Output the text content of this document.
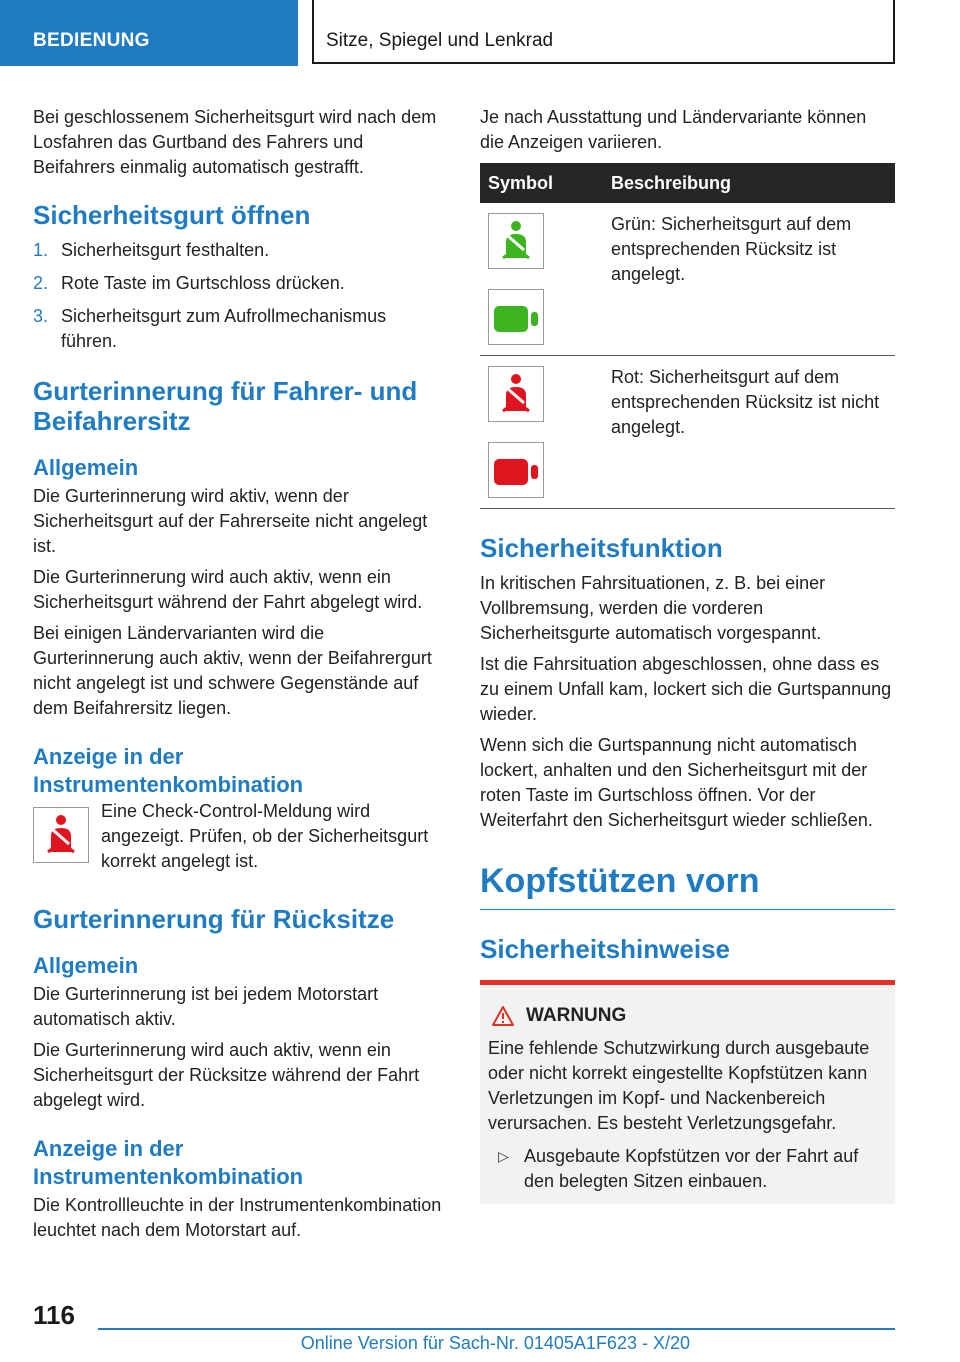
BEDIENUNG	Sitze, Spiegel und Lenkrad

Bei geschlossenem Sicherheitsgurt wird nach dem Losfahren das Gurtband des Fahrers und Beifahrers einmalig automatisch gestrafft.

Sicherheitsgurt öffnen
1. Sicherheitsgurt festhalten.
2. Rote Taste im Gurtschloss drücken.
3. Sicherheitsgurt zum Aufrollmechanismus führen.
Gurterinnerung für Fahrer- und Beifahrersitz
Allgemein

Die Gurterinnerung wird aktiv, wenn der Sicherheitsgurt auf der Fahrerseite nicht angelegt ist.

Die Gurterinnerung wird auch aktiv, wenn ein Sicherheitsgurt während der Fahrt abgelegt wird.

Bei einigen Ländervarianten wird die Gurterinnerung auch aktiv, wenn der Beifahrergurt nicht angelegt ist und schwere Gegenstände auf dem Beifahrersitz liegen.

Anzeige in der Instrumentenkombination
Eine Check-Control-Meldung wird angezeigt. Prüfen, ob der Sicherheitsgurt korrekt angelegt ist.
Gurterinnerung für Rücksitze
Allgemein

Die Gurterinnerung ist bei jedem Motorstart automatisch aktiv.

Die Gurterinnerung wird auch aktiv, wenn ein Sicherheitsgurt der Rücksitze während der Fahrt abgelegt wird.

Anzeige in der Instrumentenkombination

Die Kontrollleuchte in der Instrumentenkombination leuchtet nach dem Motorstart auf.

Je nach Ausstattung und Ländervariante können die Anzeigen variieren.

Symbol	Beschreibung

	Grün: Sicherheitsgurt auf dem entsprechenden Rücksitz ist angelegt.

	Rot: Sicherheitsgurt auf dem entsprechenden Rücksitz ist nicht angelegt.
Sicherheitsfunktion

In kritischen Fahrsituationen, z. B. bei einer Vollbremsung, werden die vorderen Sicherheitsgurte automatisch vorgespannt.

Ist die Fahrsituation abgeschlossen, ohne dass es zu einem Unfall kam, lockert sich die Gurtspannung wieder.

Wenn sich die Gurtspannung nicht automatisch lockert, anhalten und den Sicherheitsgurt mit der roten Taste im Gurtschloss öffnen. Vor der Weiterfahrt den Sicherheitsgurt wieder schließen.

Kopfstützen vorn
Sicherheitshinweise
WARNUNG

Eine fehlende Schutzwirkung durch ausgebaute oder nicht korrekt eingestellte Kopfstützen kann Verletzungen im Kopf- und Nackenbereich verursachen. Es besteht Verletzungsgefahr.

▷ Ausgebaute Kopfstützen vor der Fahrt auf den belegten Sitzen einbauen.
116
Online Version für Sach-Nr. 01405A1F623 - X/20
